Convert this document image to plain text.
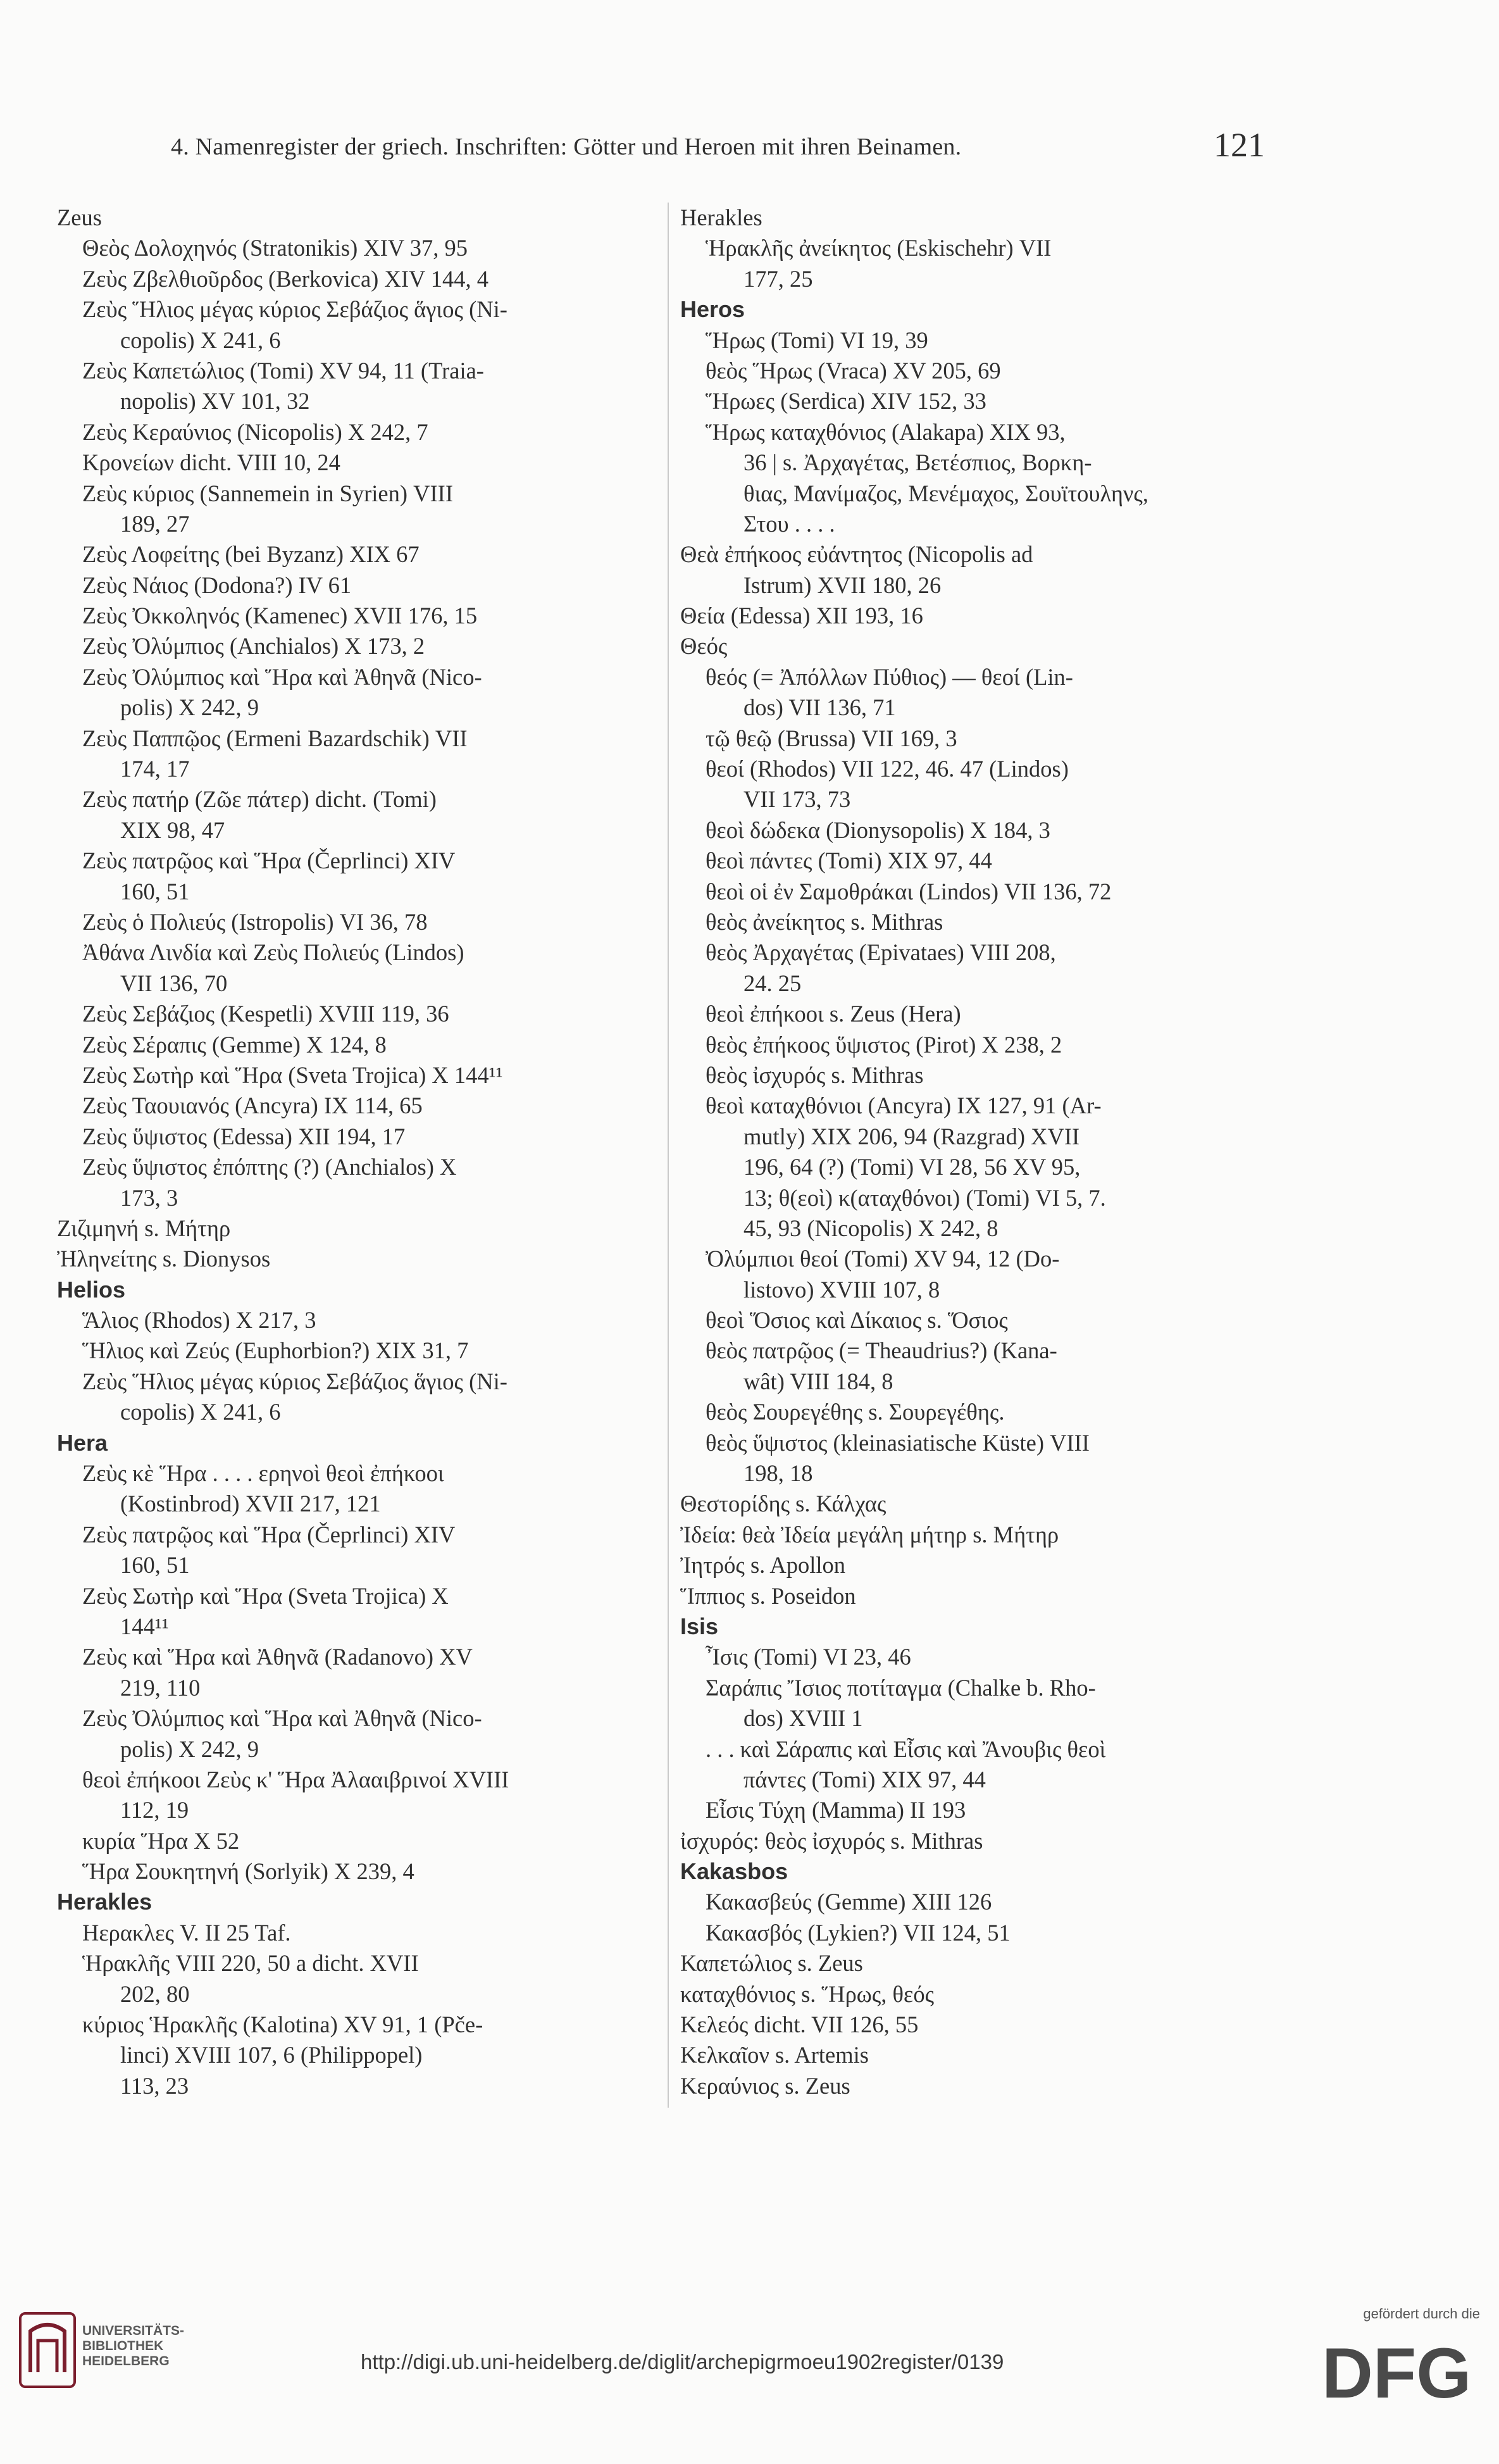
4. Namenregister der griech. Inschriften: Götter und Heroen mit ihren Beinamen.	121
Zeus
Θεὸς Δολοχηνός (Stratonikis) XIV 37, 95
Ζεὺς Ζβελθιοῦρδος (Berkovica) XIV 144, 4
Ζεὺς Ἥλιος μέγας κύριος Σεβάζιος ἅγιος (Ni-
copolis) X 241, 6
Ζεὺς Καπετώλιος (Tomi) XV 94, 11 (Traia-
nopolis) XV 101, 32
Ζεὺς Κεραύνιος (Nicopolis) X 242, 7
Κρονείων dicht. VIII 10, 24
Ζεὺς κύριος (Sannemein in Syrien) VIII
189, 27
Ζεὺς Λοφείτης (bei Byzanz) XIX 67
Ζεὺς Νάιος (Dodona?) IV 61
Ζεὺς Ὀκκοληνός (Kamenec) XVII 176, 15
Ζεὺς Ὀλύμπιος (Anchialos) X 173, 2
Ζεὺς Ὀλύμπιος καὶ Ἥρα καὶ Ἀθηνᾶ (Nico-
polis) X 242, 9
Ζεὺς Παππῷος (Ermeni Bazardschik) VII
174, 17
Ζεὺς πατήρ (Ζῶε πάτερ) dicht. (Tomi)
XIX 98, 47
Ζεὺς πατρῷος καὶ Ἥρα (Čeprlinci) XIV
160, 51
Ζεὺς ὁ Πολιεύς (Istropolis) VI 36, 78
Ἀθάνα Λινδία καὶ Ζεὺς Πολιεύς (Lindos)
VII 136, 70
Ζεὺς Σεβάζιος (Kespetli) XVIII 119, 36
Ζεὺς Σέραπις (Gemme) X 124, 8
Ζεὺς Σωτὴρ καὶ Ἥρα (Sveta Trojica) X 144¹¹
Ζεὺς Ταουιανός (Ancyra) IX 114, 65
Ζεὺς ὕψιστος (Edessa) XII 194, 17
Ζεὺς ὕψιστος ἐπόπτης (?) (Anchialos) X
173, 3
Ζιζιμηνή s. Μήτηρ
Ἠληνείτης s. Dionysos
Helios
Ἅλιος (Rhodos) X 217, 3
Ἥλιος καὶ Ζεύς (Euphorbion?) XIX 31, 7
Ζεὺς Ἥλιος μέγας κύριος Σεβάζιος ἅγιος (Ni-
copolis) X 241, 6
Hera
Ζεὺς κὲ Ἥρα . . . . ερηνοὶ θεοὶ ἐπήκοοι
(Kostinbrod) XVII 217, 121
Ζεὺς πατρῷος καὶ Ἥρα (Čeprlinci) XIV
160, 51
Ζεὺς Σωτὴρ καὶ Ἥρα (Sveta Trojica) X
144¹¹
Ζεὺς καὶ Ἥρα καὶ Ἀθηνᾶ (Radanovo) XV
219, 110
Ζεὺς Ὀλύμπιος καὶ Ἥρα καὶ Ἀθηνᾶ (Nico-
polis) X 242, 9
θεοὶ ἐπήκοοι Ζεὺς κ' Ἥρα Ἀλααιβρινοί XVIII
112, 19
κυρία Ἥρα X 52
Ἥρα Σουκητηνή (Sorlyik) X 239, 4
Herakles
Ηερακλες V. II 25 Taf.
Ἡρακλῆς VIII 220, 50 a dicht. XVII
202, 80
κύριος Ἡρακλῆς (Kalotina) XV 91, 1 (Pče-
linci) XVIII 107, 6 (Philippopel)
113, 23
Herakles
Ἡρακλῆς ἀνείκητος (Eskischehr) VII
177, 25
Heros
Ἥρως (Tomi) VI 19, 39
θεὸς Ἥρως (Vraca) XV 205, 69
Ἥρωες (Serdica) XIV 152, 33
Ἥρως καταχθόνιος (Alakapa) XIX 93,
36 | s. Ἀρχαγέτας, Βετέσπιος, Βορκη-
θιας, Μανίμαζος, Μενέμαχος, Σουϊτουληνς,
Στου . . . .
Θεὰ ἐπήκοος εὐάντητος (Nicopolis ad
Istrum) XVII 180, 26
Θεία (Edessa) XII 193, 16
Θεός
θεός (= Ἀπόλλων Πύθιος) — θεοί (Lin-
dos) VII 136, 71
τῷ θεῷ (Brussa) VII 169, 3
θεοί (Rhodos) VII 122, 46. 47 (Lindos)
VII 173, 73
θεοὶ δώδεκα (Dionysopolis) X 184, 3
θεοὶ πάντες (Tomi) XIX 97, 44
θεοὶ οἱ ἐν Σαμοθράκαι (Lindos) VII 136, 72
θεὸς ἀνείκητος s. Mithras
θεὸς Ἀρχαγέτας (Epivataes) VIII 208,
24. 25
θεοὶ ἐπήκοοι s. Zeus (Hera)
θεὸς ἐπήκοος ὕψιστος (Pirot) X 238, 2
θεὸς ἰσχυρός s. Mithras
θεοὶ καταχθόνιοι (Ancyra) IX 127, 91 (Ar-
mutly) XIX 206, 94 (Razgrad) XVII
196, 64 (?) (Tomi) VI 28, 56 XV 95,
13; θ(εοὶ) κ(αταχθόνοι) (Tomi) VI 5, 7.
45, 93 (Nicopolis) X 242, 8
Ὀλύμπιοι θεοί (Tomi) XV 94, 12 (Do-
listovo) XVIII 107, 8
θεοὶ Ὅσιος καὶ Δίκαιος s. Ὅσιος
θεὸς πατρῷος (= Theaudrius?) (Kana-
wât) VIII 184, 8
θεὸς Σουρεγέθης s. Σουρεγέθης.
θεὸς ὕψιστος (kleinasiatische Küste) VIII
198, 18
Θεστορίδης s. Κάλχας
Ἰδεία: θεὰ Ἰδεία μεγάλη μήτηρ s. Μήτηρ
Ἰητρός s. Apollon
Ἵππιος s. Poseidon
Isis
Ἶσις (Tomi) VI 23, 46
Σαράπις Ἴσιος ποτίταγμα (Chalke b. Rho-
dos) XVIII 1
. . . καὶ Σάραπις καὶ Εἶσις καὶ Ἄνουβις θεοὶ
πάντες (Tomi) XIX 97, 44
Εἶσις Τύχη (Mamma) II 193
ἰσχυρός: θεὸς ἰσχυρός s. Mithras
Kakasbos
Κακασβεύς (Gemme) XIII 126
Κακασβός (Lykien?) VII 124, 51
Καπετώλιος s. Zeus
καταχθόνιος s. Ἥρως, θεός
Κελεός dicht. VII 126, 55
Κελκαῖον s. Artemis
Κεραύνιος s. Zeus
UNIVERSITÄTS-
BIBLIOTHEK
HEIDELBERG	http://digi.ub.uni-heidelberg.de/diglit/archepigrmoeu1902register/0139
gefördert durch die
DFG
